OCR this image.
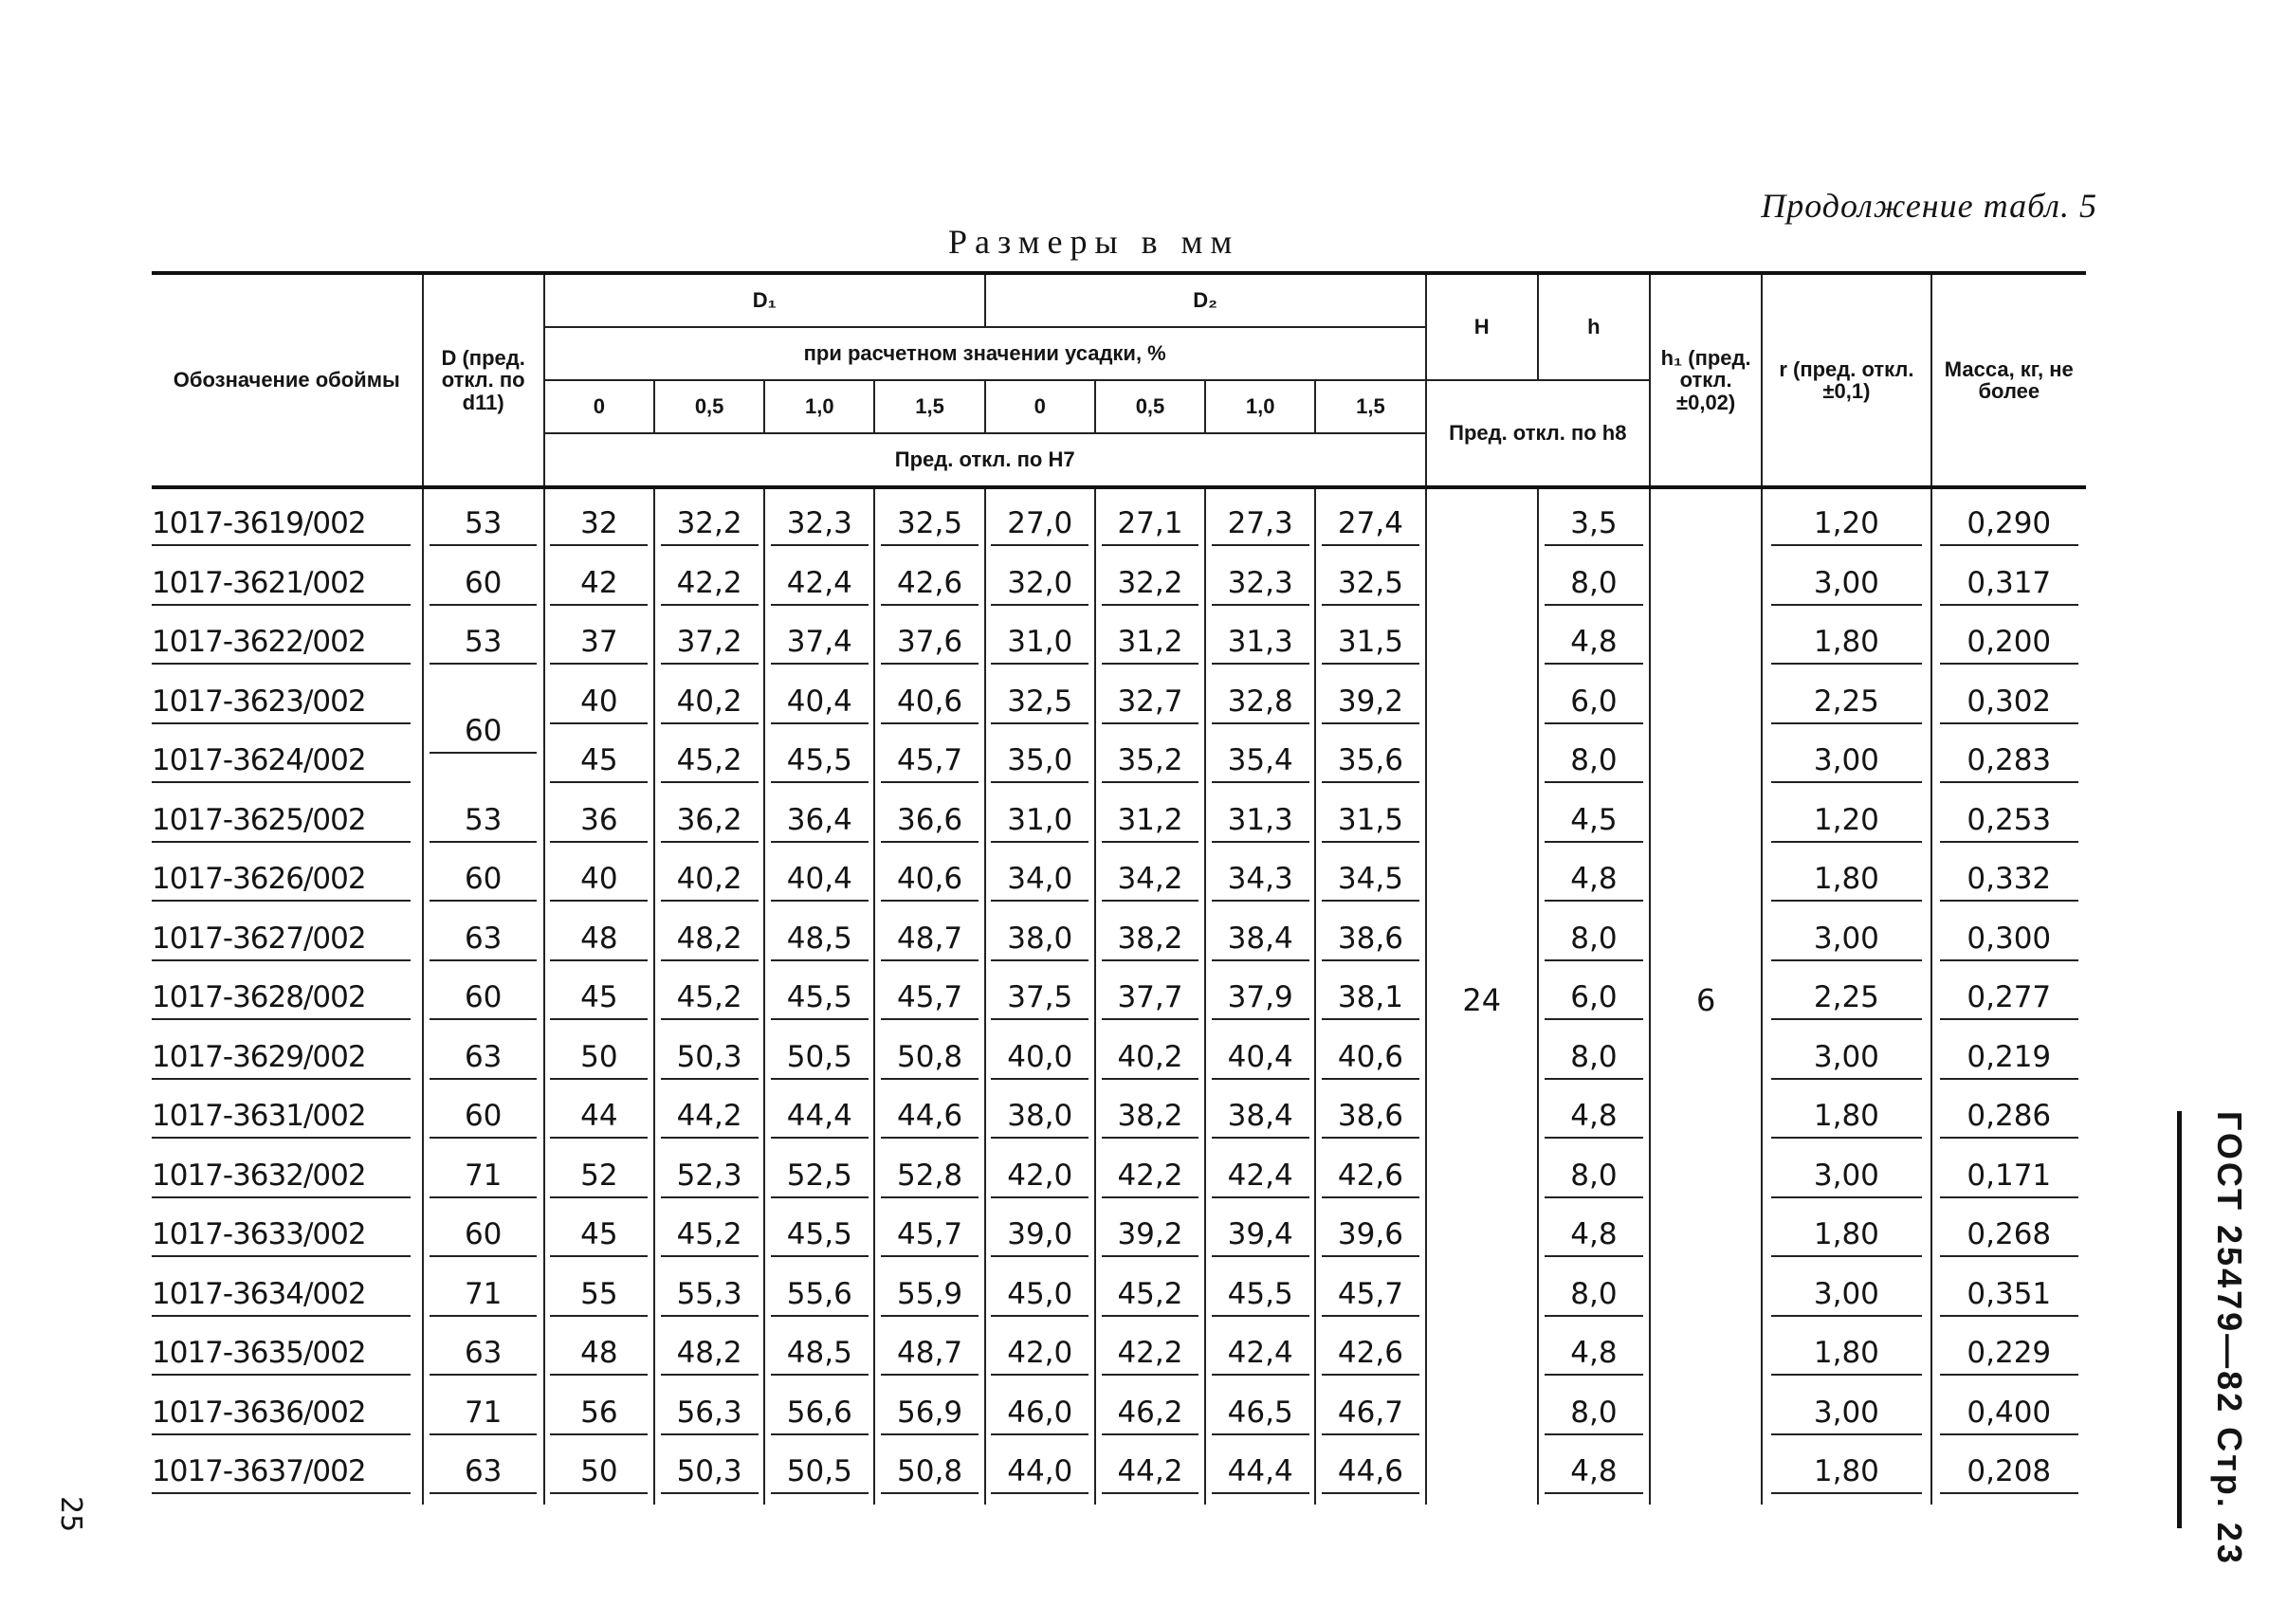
Продолжение табл. 5
Размеры в мм
Обозначение обоймы	D (пред. откл. по d11)	D₁				D₂				H	h	h₁ (пред. откл. ±0,02)	r (пред. откл. ±0,1)	Масса, кг, не более
		при расчетном значении усадки, %												
		0	0,5	1,0	1,5	0	0,5	1,0	1,5	Пред. откл. по h8				
		Пред. откл. по H7												
1017-3619/002	53	32	32,2	32,3	32,5	27,0	27,1	27,3	27,4	24	3,5	6	1,20	0,290
1017-3621/002	60	42	42,2	42,4	42,6	32,0	32,2	32,3	32,5		8,0		3,00	0,317
1017-3622/002	53	37	37,2	37,4	37,6	31,0	31,2	31,3	31,5		4,8		1,80	0,200
1017-3623/002	60	40	40,2	40,4	40,6	32,5	32,7	32,8	39,2		6,0		2,25	0,302
1017-3624/002		45	45,2	45,5	45,7	35,0	35,2	35,4	35,6		8,0		3,00	0,283
1017-3625/002	53	36	36,2	36,4	36,6	31,0	31,2	31,3	31,5		4,5		1,20	0,253
1017-3626/002	60	40	40,2	40,4	40,6	34,0	34,2	34,3	34,5		4,8		1,80	0,332
1017-3627/002	63	48	48,2	48,5	48,7	38,0	38,2	38,4	38,6		8,0		3,00	0,300
1017-3628/002	60	45	45,2	45,5	45,7	37,5	37,7	37,9	38,1		6,0		2,25	0,277
1017-3629/002	63	50	50,3	50,5	50,8	40,0	40,2	40,4	40,6		8,0		3,00	0,219
1017-3631/002	60	44	44,2	44,4	44,6	38,0	38,2	38,4	38,6		4,8		1,80	0,286
1017-3632/002	71	52	52,3	52,5	52,8	42,0	42,2	42,4	42,6		8,0		3,00	0,171
1017-3633/002	60	45	45,2	45,5	45,7	39,0	39,2	39,4	39,6		4,8		1,80	0,268
1017-3634/002	71	55	55,3	55,6	55,9	45,0	45,2	45,5	45,7		8,0		3,00	0,351
1017-3635/002	63	48	48,2	48,5	48,7	42,0	42,2	42,4	42,6		4,8		1,80	0,229
1017-3636/002	71	56	56,3	56,6	56,9	46,0	46,2	46,5	46,7		8,0		3,00	0,400
1017-3637/002	63	50	50,3	50,5	50,8	44,0	44,2	44,4	44,6		4,8		1,80	0,208	ГОСТ 25479—82 Стр. 23
25
